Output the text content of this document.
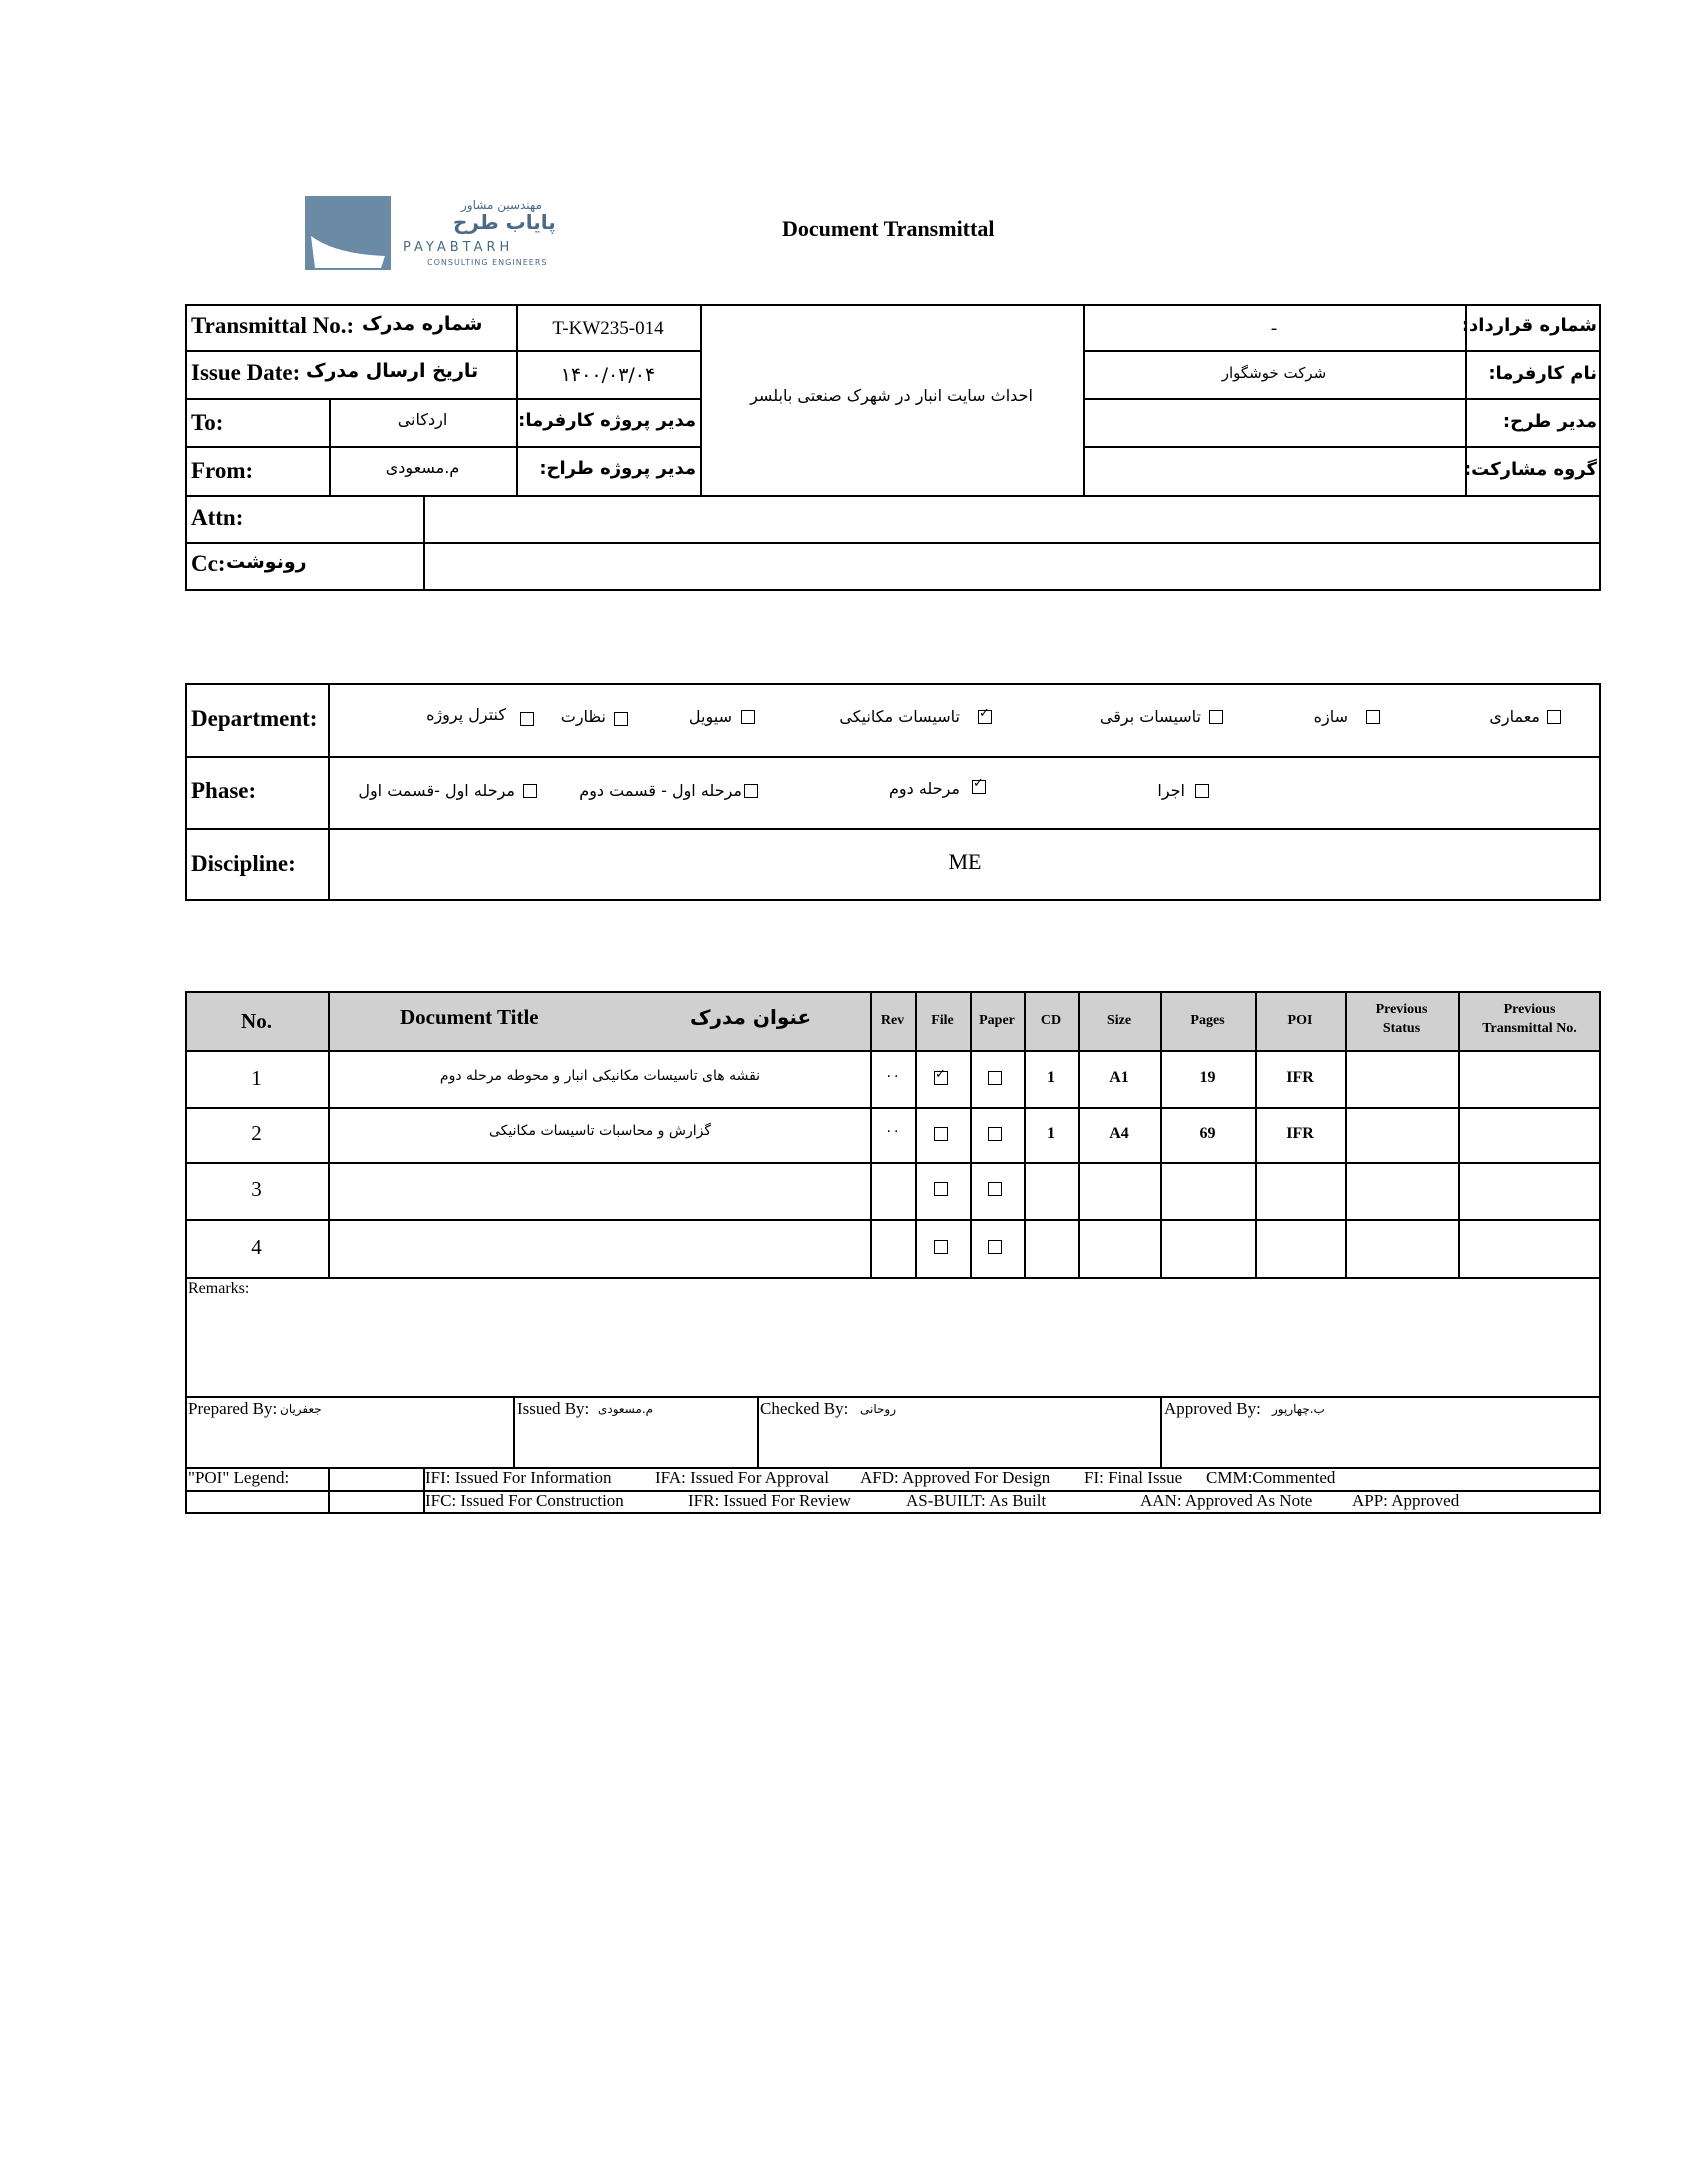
مهندسین مشاور
پایاب طرح
PAYABTARH
CONSULTING ENGINEERS
Document Transmittal
Transmittal No.: شماره مدرک	T-KW235-014
Issue Date: تاریخ ارسال مدرک	۱۴۰۰/۰۳/۰۴
To:	اردکانی	مدیر پروژه کارفرما:
From:	م.مسعودی	مدیر پروژه طراح:
احداث سایت انبار در شهرک صنعتی بابلسر
-	شماره قرارداد:
شرکت خوشگوار	نام کارفرما:
مدیر طرح:
گروه مشارکت:
Attn:
Cc: رونوشت
Department:
Phase:
Discipline:	ME
معماری
سازه
تاسیسات برقی
✓
تاسیسات مکانیکی
سیویل
نظارت
کنترل پروژه
اجرا
✓
مرحله دوم
مرحله اول - قسمت دوم
مرحله اول -قسمت اول
No.	Document Title	عنوان مدرک	Rev	File	Paper	CD	Size	Pages	POI
Previous
Status
Previous
Transmittal No.
1	نقشه های تاسیسات مکانیکی انبار و محوطه مرحله دوم	۰۰
✓	1	A1	19	IFR
2	گزارش و محاسبات تاسیسات مکانیکی	۰۰	1	A4	69	IFR
3
4
Remarks:
Prepared By: جعفریان	Issued By: م.مسعودی	Checked By: روحانی	Approved By: ب.چهارپور
"POI" Legend:	IFI: Issued For Information	IFA: Issued For Approval AFD: Approved For Design FI: Final Issue CMM:Commented
IFC: Issued For Construction	IFR: Issued For Review	AS-BUILT: As Built	AAN: Approved As Note APP: Approved
